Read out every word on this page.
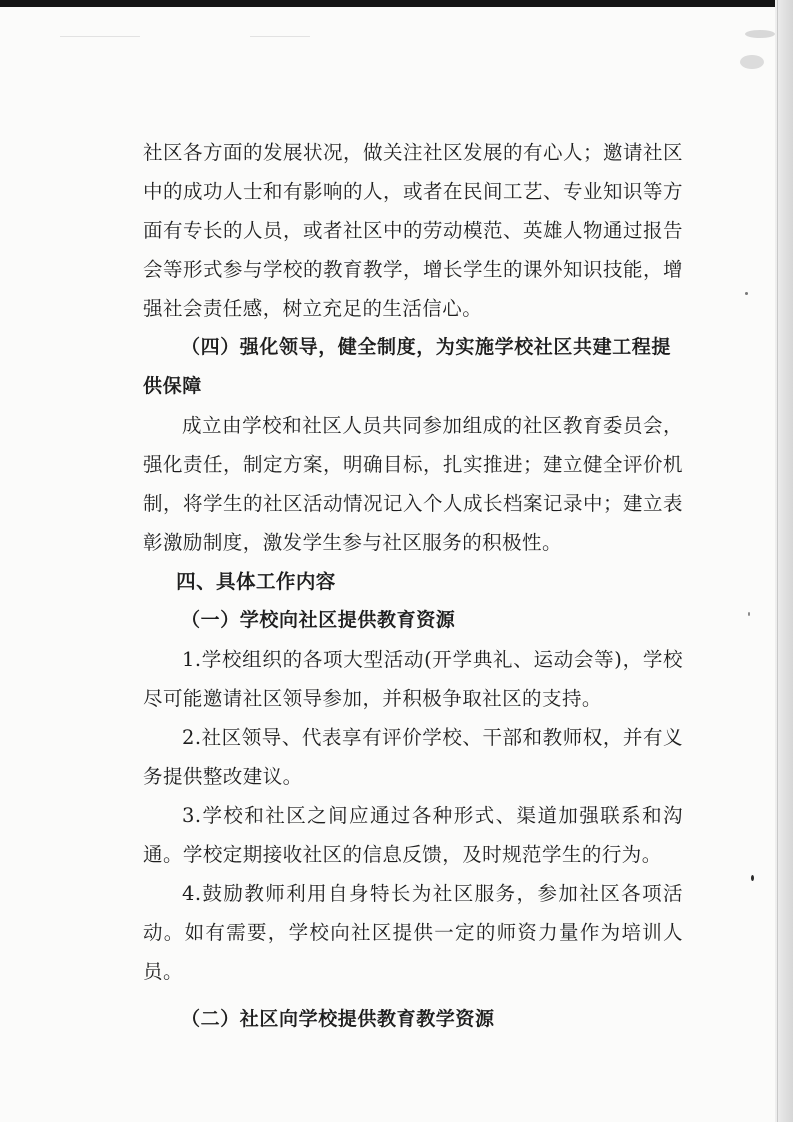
社区各方面的发展状况，做关注社区发展的有心人；邀请社区中的成功人士和有影响的人，或者在民间工艺、专业知识等方面有专长的人员，或者社区中的劳动模范、英雄人物通过报告会等形式参与学校的教育教学，增长学生的课外知识技能，增强社会责任感，树立充足的生活信心。

（四）强化领导，健全制度，为实施学校社区共建工程提供保障

成立由学校和社区人员共同参加组成的社区教育委员会，强化责任，制定方案，明确目标，扎实推进；建立健全评价机制，将学生的社区活动情况记入个人成长档案记录中；建立表彰激励制度，激发学生参与社区服务的积极性。

四、具体工作内容

（一）学校向社区提供教育资源

1.学校组织的各项大型活动(开学典礼、运动会等)，学校尽可能邀请社区领导参加，并积极争取社区的支持。

2.社区领导、代表享有评价学校、干部和教师权，并有义务提供整改建议。

3.学校和社区之间应通过各种形式、渠道加强联系和沟通。学校定期接收社区的信息反馈，及时规范学生的行为。

4.鼓励教师利用自身特长为社区服务，参加社区各项活动。如有需要，学校向社区提供一定的师资力量作为培训人员。

（二）社区向学校提供教育教学资源
